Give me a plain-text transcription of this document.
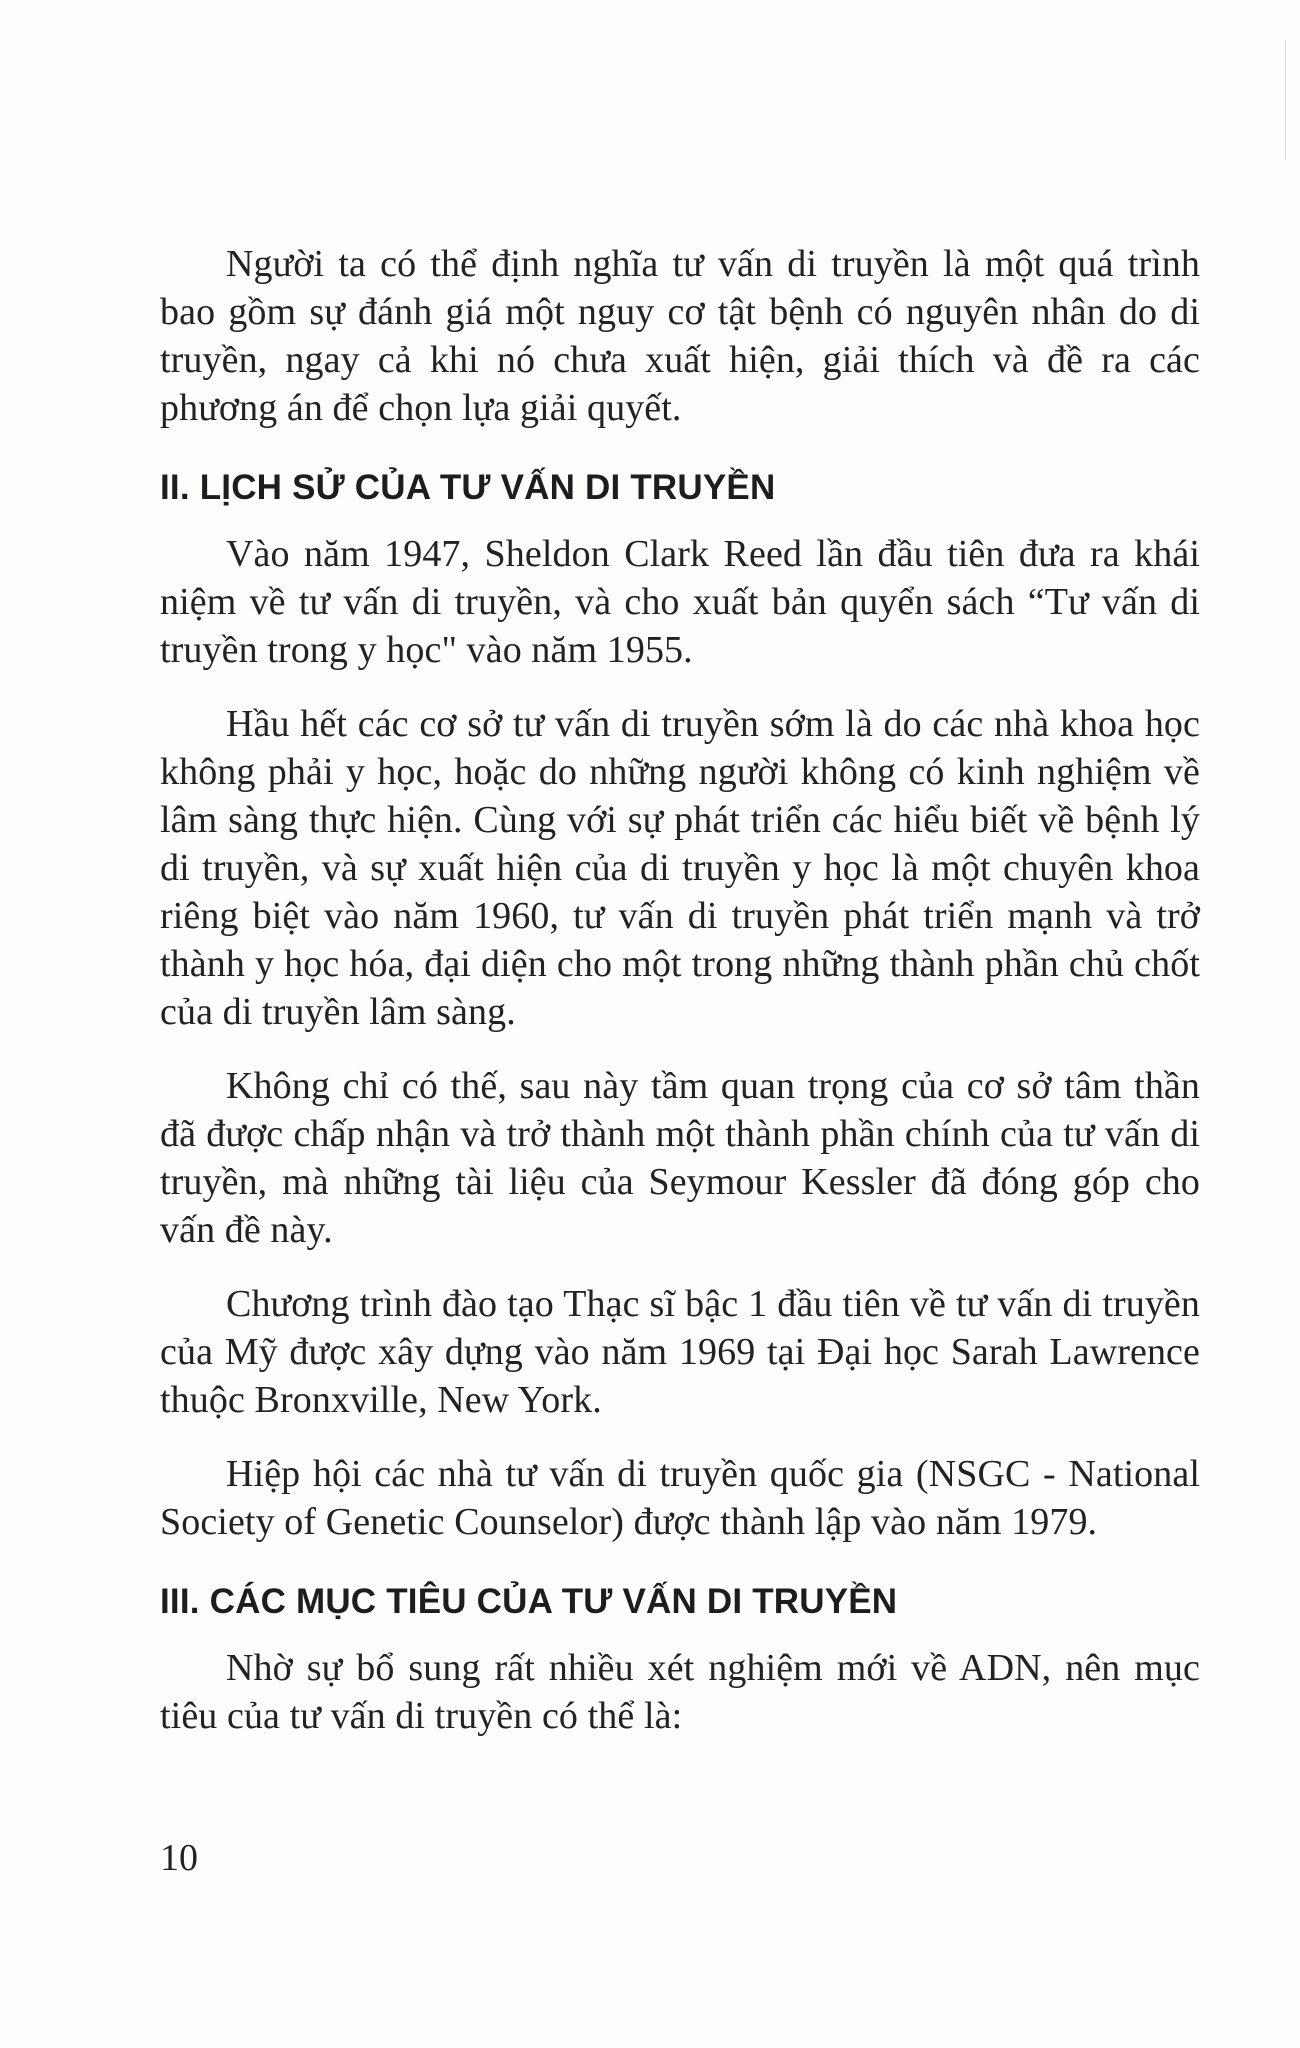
Người ta có thể định nghĩa tư vấn di truyền là một quá trình bao gồm sự đánh giá một nguy cơ tật bệnh có nguyên nhân do di truyền, ngay cả khi nó chưa xuất hiện, giải thích và đề ra các phương án để chọn lựa giải quyết.

II. LỊCH SỬ CỦA TƯ VẤN DI TRUYỀN

Vào năm 1947, Sheldon Clark Reed lần đầu tiên đưa ra khái niệm về tư vấn di truyền, và cho xuất bản quyển sách “Tư vấn di truyền trong y học" vào năm 1955.

Hầu hết các cơ sở tư vấn di truyền sớm là do các nhà khoa học không phải y học, hoặc do những người không có kinh nghiệm về lâm sàng thực hiện. Cùng với sự phát triển các hiểu biết về bệnh lý di truyền, và sự xuất hiện của di truyền y học là một chuyên khoa riêng biệt vào năm 1960, tư vấn di truyền phát triển mạnh và trở thành y học hóa, đại diện cho một trong những thành phần chủ chốt của di truyền lâm sàng.

Không chỉ có thế, sau này tầm quan trọng của cơ sở tâm thần đã được chấp nhận và trở thành một thành phần chính của tư vấn di truyền, mà những tài liệu của Seymour Kessler đã đóng góp cho vấn đề này.

Chương trình đào tạo Thạc sĩ bậc 1 đầu tiên về tư vấn di truyền của Mỹ được xây dựng vào năm 1969 tại Đại học Sarah Lawrence thuộc Bronxville, New York.

Hiệp hội các nhà tư vấn di truyền quốc gia (NSGC - National Society of Genetic Counselor) được thành lập vào năm 1979.

III. CÁC MỤC TIÊU CỦA TƯ VẤN DI TRUYỀN

Nhờ sự bổ sung rất nhiều xét nghiệm mới về ADN, nên mục tiêu của tư vấn di truyền có thể là:

10
